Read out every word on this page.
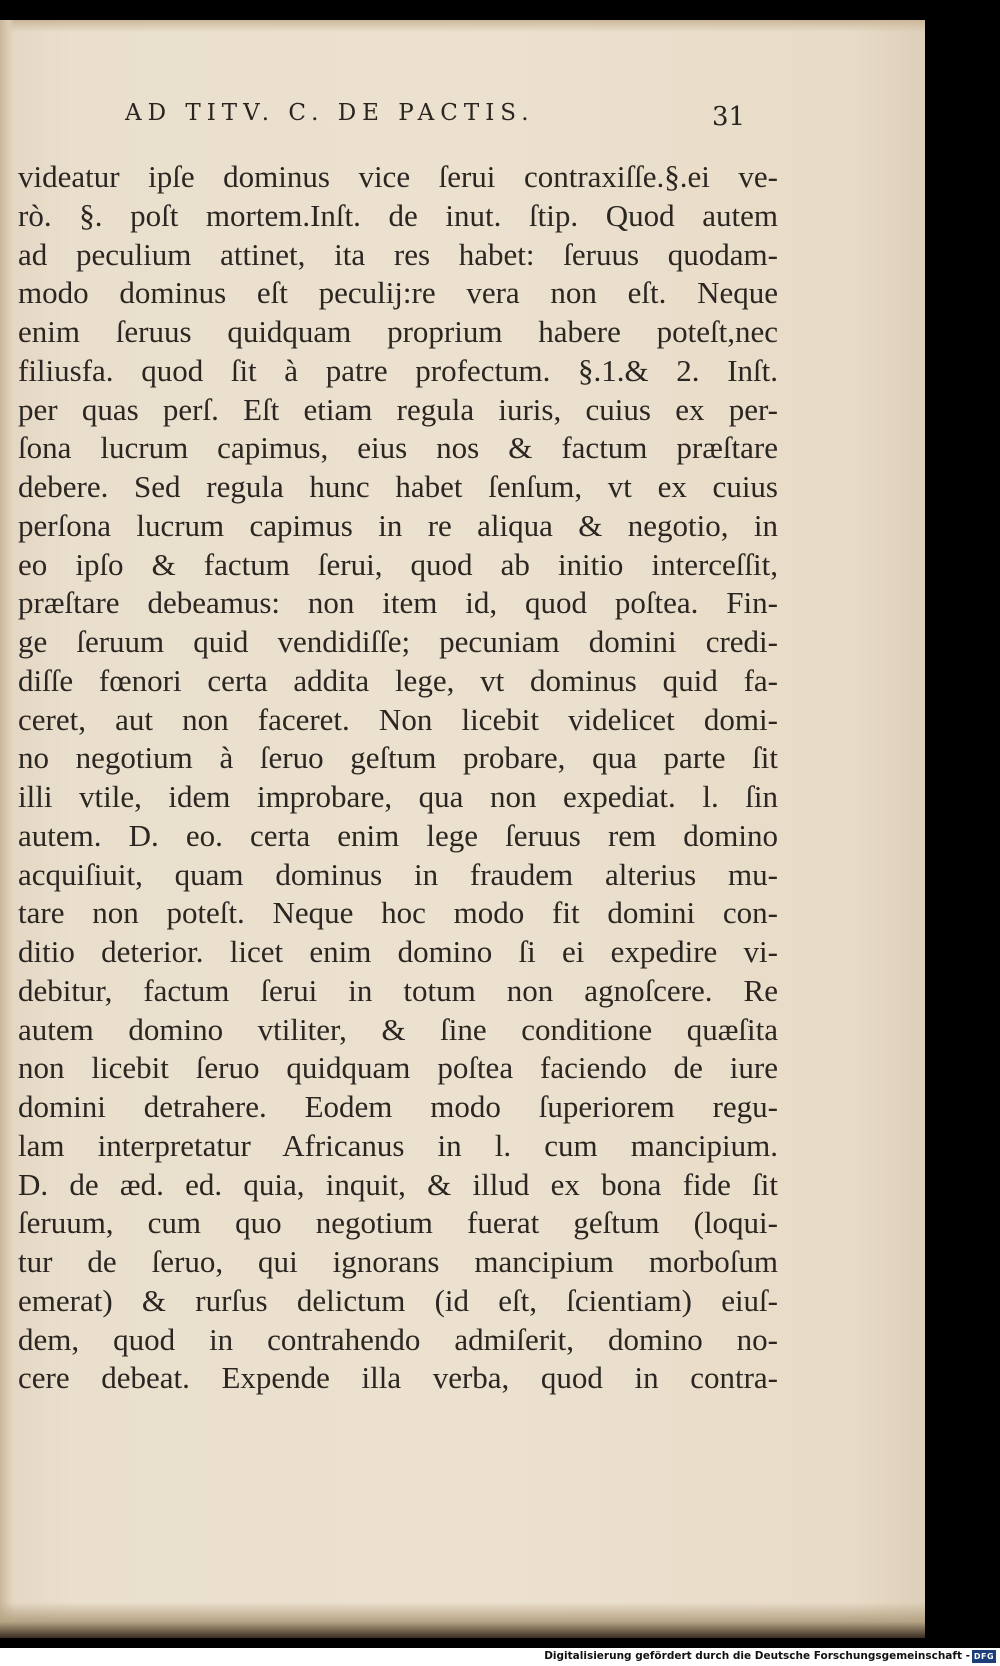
AD TITV. C. DE PACTIS.	31
videatur ipſe dominus vice ſerui contraxiſſe.§.ei ve-
rò. §. poſt mortem.Inſt. de inut. ſtip. Quod autem
ad peculium attinet, ita res habet: ſeruus quodam-
modo dominus eſt peculij:re vera non eſt. Neque
enim ſeruus quidquam proprium habere poteſt,nec
filiusfa. quod ſit à patre profectum. §.1.& 2. Inſt.
per quas perſ. Eſt etiam regula iuris, cuius ex per-
ſona lucrum capimus, eius nos & factum præſtare
debere. Sed regula hunc habet ſenſum, vt ex cuius
perſona lucrum capimus in re aliqua & negotio, in
eo ipſo & factum ſerui, quod ab initio interceſſit,
præſtare debeamus: non item id, quod poſtea. Fin-
ge ſeruum quid vendidiſſe; pecuniam domini credi-
diſſe fœnori certa addita lege, vt dominus quid fa-
ceret, aut non faceret. Non licebit videlicet domi-
no negotium à ſeruo geſtum probare, qua parte ſit
illi vtile, idem improbare, qua non expediat. l. ſin
autem. D. eo. certa enim lege ſeruus rem domino
acquiſiuit, quam dominus in fraudem alterius mu-
tare non poteſt. Neque hoc modo fit domini con-
ditio deterior. licet enim domino ſi ei expedire vi-
debitur, factum ſerui in totum non agnoſcere. Re
autem domino vtiliter, & ſine conditione quæſita
non licebit ſeruo quidquam poſtea faciendo de iure
domini detrahere. Eodem modo ſuperiorem regu-
lam interpretatur Africanus in l. cum mancipium.
D. de æd. ed. quia, inquit, & illud ex bona fide ſit
ſeruum, cum quo negotium fuerat geſtum (loqui-
tur de ſeruo, qui ignorans mancipium morboſum
emerat) & rurſus delictum (id eſt, ſcientiam) eiuſ-
dem, quod in contrahendo admiſerit, domino no-
cere debeat. Expende illa verba, quod in contra-
Digitalisierung gefördert durch die Deutsche Forschungsgemeinschaft - DFG
